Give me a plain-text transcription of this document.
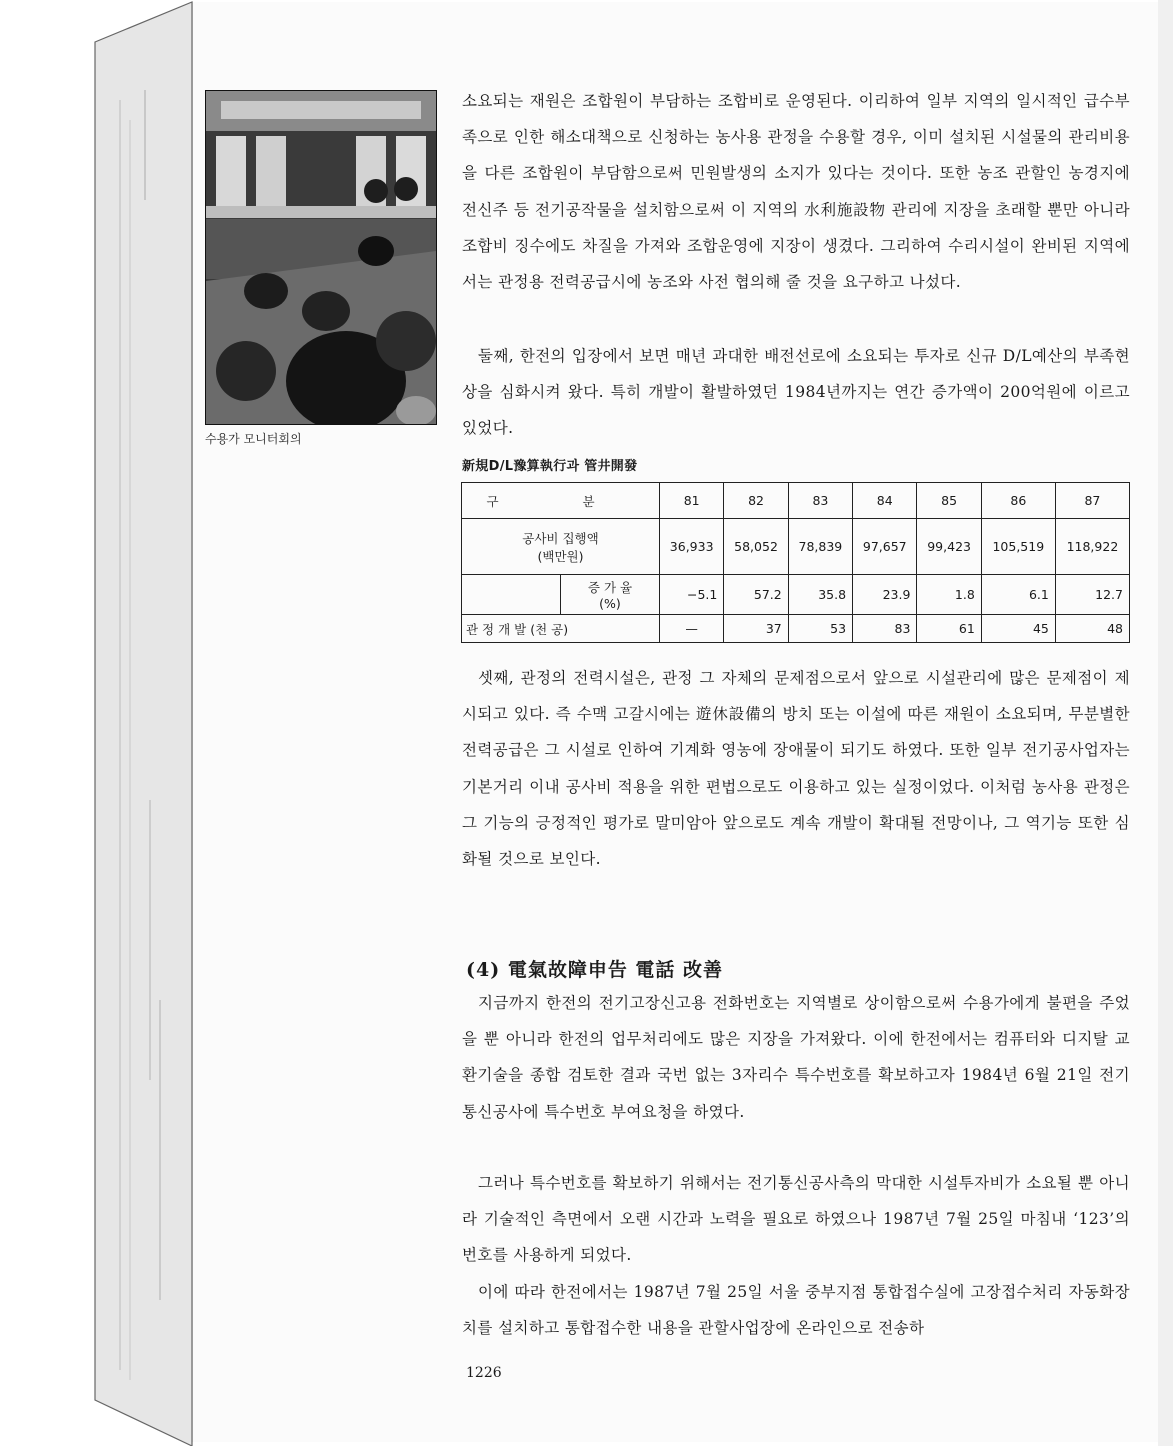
수용가 모니터회의

소요되는 재원은 조합원이 부담하는 조합비로 운영된다. 이리하여 일부 지역의 일시적인 급수부족으로 인한 해소대책으로 신청하는 농사용 관정을 수용할 경우, 이미 설치된 시설물의 관리비용을 다른 조합원이 부담함으로써 민원발생의 소지가 있다는 것이다. 또한 농조 관할인 농경지에 전신주 등 전기공작물을 설치함으로써 이 지역의 水利施設物 관리에 지장을 초래할 뿐만 아니라 조합비 징수에도 차질을 가져와 조합운영에 지장이 생겼다. 그리하여 수리시설이 완비된 지역에서는 관정용 전력공급시에 농조와 사전 협의해 줄 것을 요구하고 나섰다.

둘째, 한전의 입장에서 보면 매년 과대한 배전선로에 소요되는 투자로 신규 D/L예산의 부족현상을 심화시켜 왔다. 특히 개발이 활발하였던 1984년까지는 연간 증가액이 200억원에 이르고 있었다.

新規D/L豫算執行과 管井開發
구 분		81	82	83	84	85	86	87

공사비 집행액
(백만원)		36,933	58,052	78,839	97,657	99,423	105,519	118,922

	증 가 율
(%)	−5.1	57.2	35.8	23.9	1.8	6.1	12.7
관 정 개 발 (천 공)		—	37	53	83	61	45	48

셋째, 관정의 전력시설은, 관정 그 자체의 문제점으로서 앞으로 시설관리에 많은 문제점이 제시되고 있다. 즉 수맥 고갈시에는 遊休設備의 방치 또는 이설에 따른 재원이 소요되며, 무분별한 전력공급은 그 시설로 인하여 기계화 영농에 장애물이 되기도 하였다. 또한 일부 전기공사업자는 기본거리 이내 공사비 적용을 위한 편법으로도 이용하고 있는 실정이었다. 이처럼 농사용 관정은 그 기능의 긍정적인 평가로 말미암아 앞으로도 계속 개발이 확대될 전망이나, 그 역기능 또한 심화될 것으로 보인다.

(4) 電氣故障申告 電話 改善

지금까지 한전의 전기고장신고용 전화번호는 지역별로 상이함으로써 수용가에게 불편을 주었을 뿐 아니라 한전의 업무처리에도 많은 지장을 가져왔다. 이에 한전에서는 컴퓨터와 디지탈 교환기술을 종합 검토한 결과 국번 없는 3자리수 특수번호를 확보하고자 1984년 6월 21일 전기통신공사에 특수번호 부여요청을 하였다.

그러나 특수번호를 확보하기 위해서는 전기통신공사측의 막대한 시설투자비가 소요될 뿐 아니라 기술적인 측면에서 오랜 시간과 노력을 필요로 하였으나 1987년 7월 25일 마침내 ‘123’의 번호를 사용하게 되었다.

이에 따라 한전에서는 1987년 7월 25일 서울 중부지점 통합접수실에 고장접수처리 자동화장치를 설치하고 통합접수한 내용을 관할사업장에 온라인으로 전송하

1226
